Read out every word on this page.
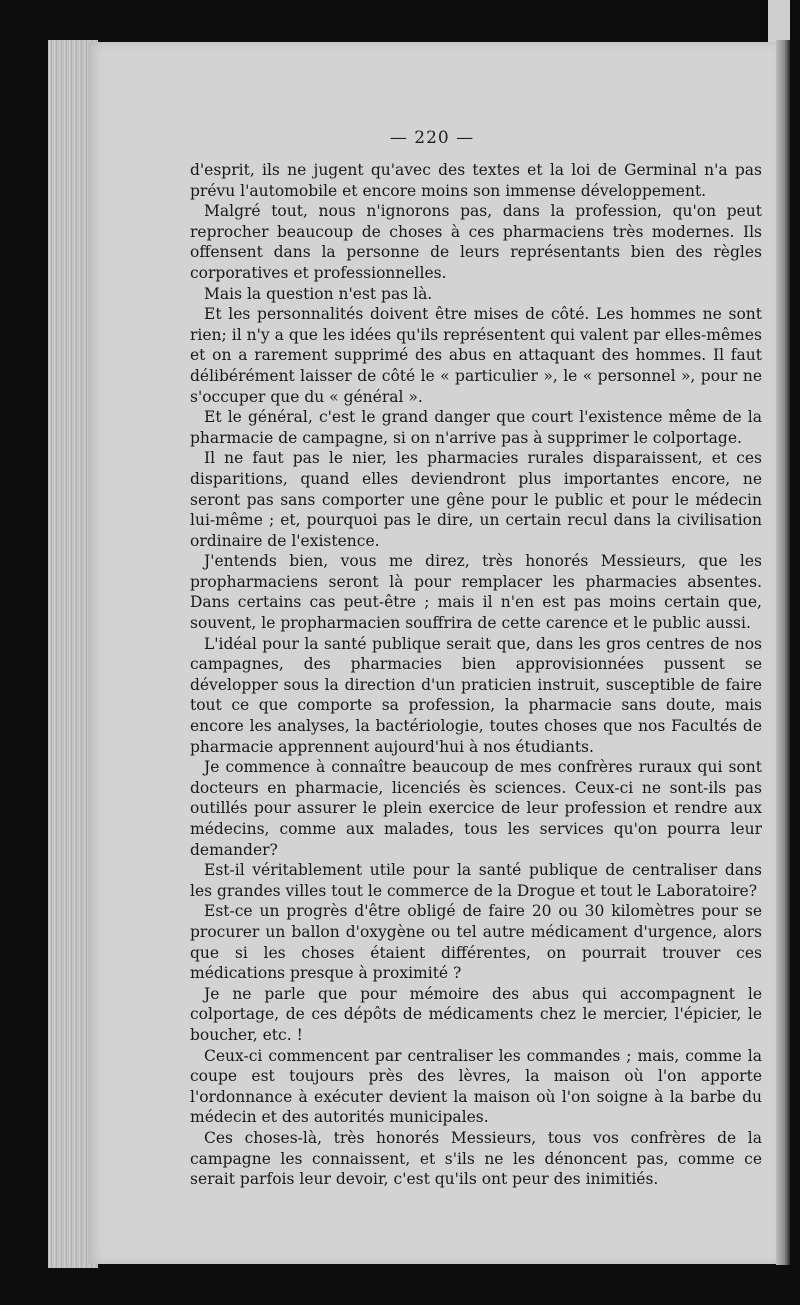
— 220 —

d'esprit, ils ne jugent qu'avec des textes et la loi de Germinal n'a pas prévu l'automobile et encore moins son immense développement.

Malgré tout, nous n'ignorons pas, dans la profession, qu'on peut reprocher beaucoup de choses à ces pharmaciens très modernes. Ils offensent dans la personne de leurs représentants bien des règles corporatives et professionnelles.

Mais la question n'est pas là.

Et les personnalités doivent être mises de côté. Les hommes ne sont rien; il n'y a que les idées qu'ils représentent qui valent par elles-mêmes et on a rarement supprimé des abus en attaquant des hommes. Il faut délibérément laisser de côté le « particulier », le « personnel », pour ne s'occuper que du « général ».

Et le général, c'est le grand danger que court l'existence même de la pharmacie de campagne, si on n'arrive pas à supprimer le colportage.

Il ne faut pas le nier, les pharmacies rurales disparaissent, et ces disparitions, quand elles deviendront plus importantes encore, ne seront pas sans comporter une gêne pour le public et pour le médecin lui-même ; et, pourquoi pas le dire, un certain recul dans la civilisation ordinaire de l'existence.

J'entends bien, vous me direz, très honorés Messieurs, que les propharmaciens seront là pour remplacer les pharmacies absentes. Dans certains cas peut-être ; mais il n'en est pas moins certain que, souvent, le propharmacien souffrira de cette carence et le public aussi.

L'idéal pour la santé publique serait que, dans les gros centres de nos campagnes, des pharmacies bien approvisionnées pussent se développer sous la direction d'un praticien instruit, susceptible de faire tout ce que comporte sa profession, la pharmacie sans doute, mais encore les analyses, la bactériologie, toutes choses que nos Facultés de pharmacie apprennent aujourd'hui à nos étudiants.

Je commence à connaître beaucoup de mes confrères ruraux qui sont docteurs en pharmacie, licenciés ès sciences. Ceux-ci ne sont-ils pas outillés pour assurer le plein exercice de leur profession et rendre aux médecins, comme aux malades, tous les services qu'on pourra leur demander?

Est-il véritablement utile pour la santé publique de centraliser dans les grandes villes tout le commerce de la Drogue et tout le Laboratoire?

Est-ce un progrès d'être obligé de faire 20 ou 30 kilomètres pour se procurer un ballon d'oxygène ou tel autre médicament d'urgence, alors que si les choses étaient différentes, on pourrait trouver ces médications presque à proximité ?

Je ne parle que pour mémoire des abus qui accompagnent le colportage, de ces dépôts de médicaments chez le mercier, l'épicier, le boucher, etc. !

Ceux-ci commencent par centraliser les commandes ; mais, comme la coupe est toujours près des lèvres, la maison où l'on apporte l'ordonnance à exécuter devient la maison où l'on soigne à la barbe du médecin et des autorités municipales.

Ces choses-là, très honorés Messieurs, tous vos confrères de la campagne les connaissent, et s'ils ne les dénoncent pas, comme ce serait parfois leur devoir, c'est qu'ils ont peur des inimitiés.
